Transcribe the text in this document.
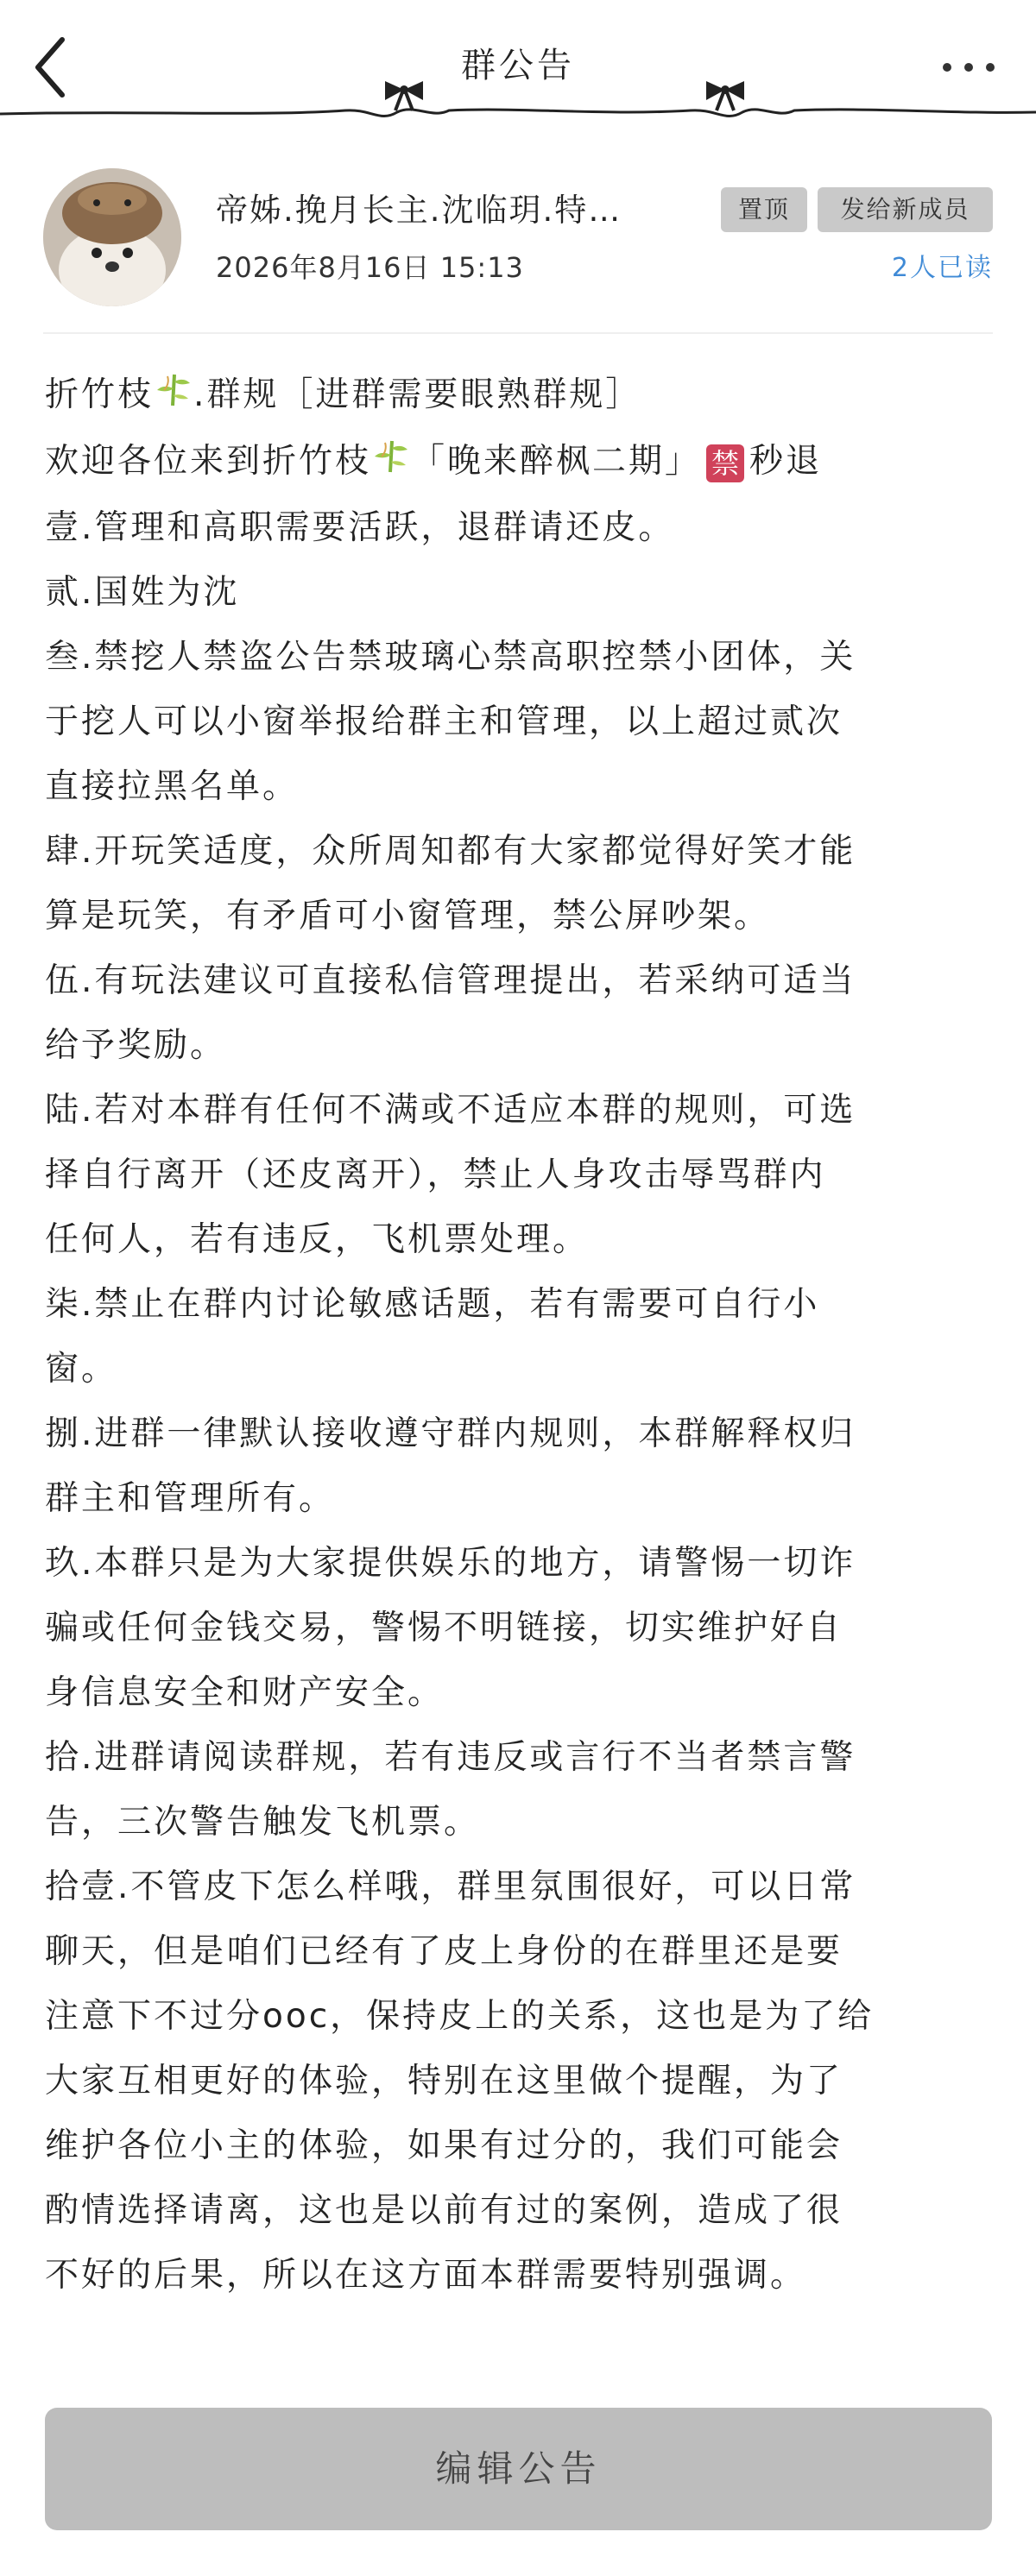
群公告
帝姊.挽月长主.沈临玥.特…
2026年8月16日 15:13
置顶	发给新成员
2人已读
折竹枝 .群规［进群需要眼熟群规］
欢迎各位来到折竹枝 「晚来醉枫二期」 禁 秒退
壹.管理和高职需要活跃，退群请还皮。
贰.国姓为沈
叁.禁挖人禁盗公告禁玻璃心禁高职控禁小团体，关
于挖人可以小窗举报给群主和管理，以上超过贰次
直接拉黑名单。
肆.开玩笑适度，众所周知都有大家都觉得好笑才能
算是玩笑，有矛盾可小窗管理，禁公屏吵架。
伍.有玩法建议可直接私信管理提出，若采纳可适当
给予奖励。
陆.若对本群有任何不满或不适应本群的规则，可选
择自行离开（还皮离开），禁止人身攻击辱骂群内
任何人，若有违反，飞机票处理。
柒.禁止在群内讨论敏感话题，若有需要可自行小
窗。
捌.进群一律默认接收遵守群内规则，本群解释权归
群主和管理所有。
玖.本群只是为大家提供娱乐的地方，请警惕一切诈
骗或任何金钱交易，警惕不明链接，切实维护好自
身信息安全和财产安全。
拾.进群请阅读群规，若有违反或言行不当者禁言警
告，三次警告触发飞机票。
拾壹.不管皮下怎么样哦，群里氛围很好，可以日常
聊天，但是咱们已经有了皮上身份的在群里还是要
注意下不过分ooc，保持皮上的关系，这也是为了给
大家互相更好的体验，特别在这里做个提醒，为了
维护各位小主的体验，如果有过分的，我们可能会
酌情选择请离，这也是以前有过的案例，造成了很
不好的后果，所以在这方面本群需要特别强调。
编辑公告
